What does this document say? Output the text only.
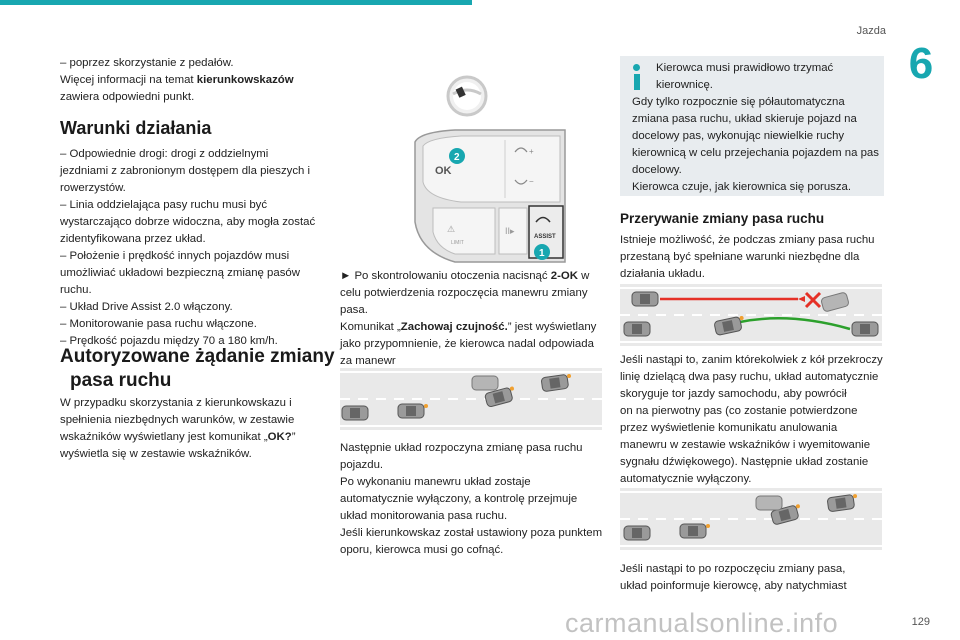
Jazda
6

– poprzez skorzystanie z pedałów.

Więcej informacji na temat kierunkowskazów

zawiera odpowiedni punkt.

Warunki działania

– Odpowiednie drogi: drogi z oddzielnymi

jezdniami z zabronionym dostępem dla pieszych i

rowerzystów.

– Linia oddzielająca pasy ruchu musi być

wystarczająco dobrze widoczna, aby mogła zostać

zidentyfikowana przez układ.

– Położenie i prędkość innych pojazdów musi

umożliwiać układowi bezpieczną zmianę pasów

ruchu.

– Układ Drive Assist 2.0 włączony.

– Monitorowanie pasa ruchu włączone.

– Prędkość pojazdu między 70 a 180 km/h.

Autoryzowane żądanie zmiany
pasa ruchu

W przypadku skorzystania z kierunkowskazu i

spełnienia niezbędnych warunków, w zestawie

wskaźników wyświetlany jest komunikat „OK?”

wyświetla się w zestawie wskaźników.

OK
2
+
−
⚠
LIMIT
II▸
ASSIST
1

► Po skontrolowaniu otoczenia nacisnąć 2-OK w

celu potwierdzenia rozpoczęcia manewru zmiany

pasa.

Komunikat „Zachowaj czujność.” jest wyświetlany

jako przypomnienie, że kierowca nadal odpowiada

za manewr

Następnie układ rozpoczyna zmianę pasa ruchu

pojazdu.

Po wykonaniu manewru układ zostaje

automatycznie wyłączony, a kontrolę przejmuje

układ monitorowania pasa ruchu.

Jeśli kierunkowskaz został ustawiony poza punktem

oporu, kierowca musi go cofnąć.

Kierowca musi prawidłowo trzymać

kierownicę.

Gdy tylko rozpocznie się półautomatyczna

zmiana pasa ruchu, układ skieruje pojazd na

docelowy pas, wykonując niewielkie ruchy

kierownicą w celu przejechania pojazdem na pas

docelowy.

Kierowca czuje, jak kierownica się porusza.

Przerywanie zmiany pasa ruchu

Istnieje możliwość, że podczas zmiany pasa ruchu

przestaną być spełniane warunki niezbędne dla

działania układu.

Jeśli nastąpi to, zanim którekolwiek z kół przekroczy

linię dzielącą dwa pasy ruchu, układ automatycznie

skoryguje tor jazdy samochodu, aby powrócił

on na pierwotny pas (co zostanie potwierdzone

przez wyświetlenie komunikatu anulowania

manewru w zestawie wskaźników i wyemitowanie

sygnału dźwiękowego). Następnie układ zostanie

automatycznie wyłączony.

Jeśli nastąpi to po rozpoczęciu zmiany pasa,

układ poinformuje kierowcę, aby natychmiast

129
carmanualsonline.info
